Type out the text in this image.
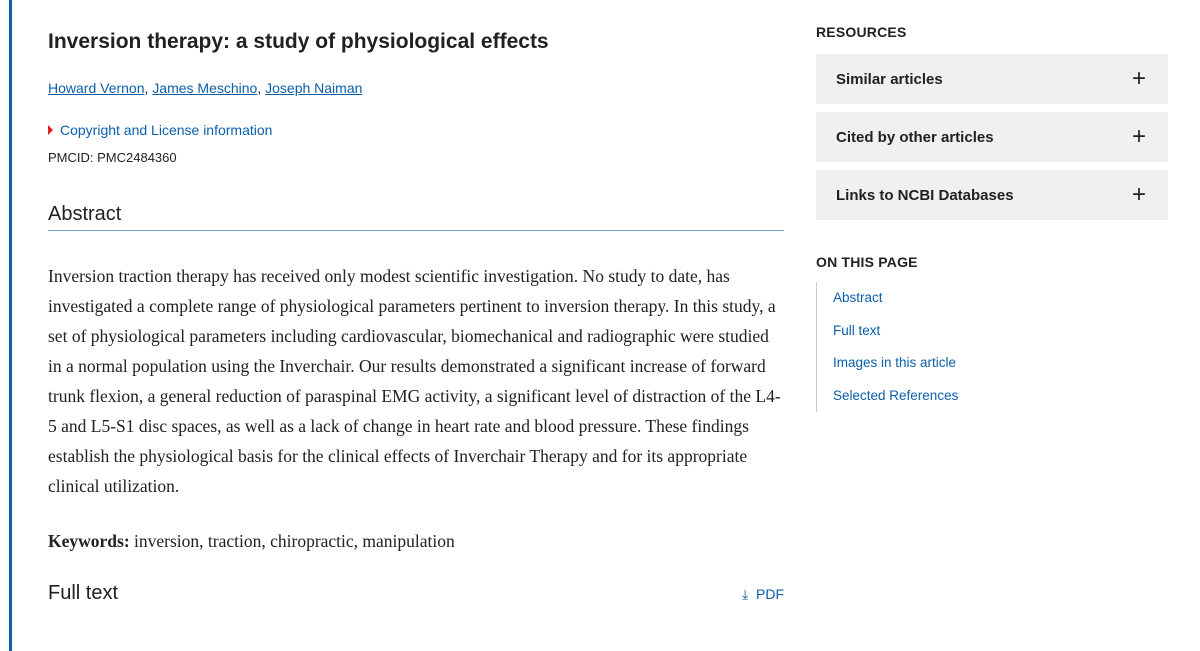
Inversion therapy: a study of physiological effects
Howard Vernon, James Meschino, Joseph Naiman
Copyright and License information
PMCID: PMC2484360
Abstract

Inversion traction therapy has received only modest scientific investigation. No study to date, has investigated a complete range of physiological parameters pertinent to inversion therapy. In this study, a set of physiological parameters including cardiovascular, biomechanical and radiographic were studied in a normal population using the Inverchair. Our results demonstrated a significant increase of forward trunk flexion, a general reduction of paraspinal EMG activity, a significant level of distraction of the L4-5 and L5-S1 disc spaces, as well as a lack of change in heart rate and blood pressure. These findings establish the physiological basis for the clinical effects of Inverchair Therapy and for its appropriate clinical utilization.

Keywords: inversion, traction, chiropractic, manipulation
Full text	⤓ PDF
RESOURCES
Similar articles	+
Cited by other articles	+
Links to NCBI Databases	+
ON THIS PAGE
Abstract
Full text
Images in this article
Selected References
